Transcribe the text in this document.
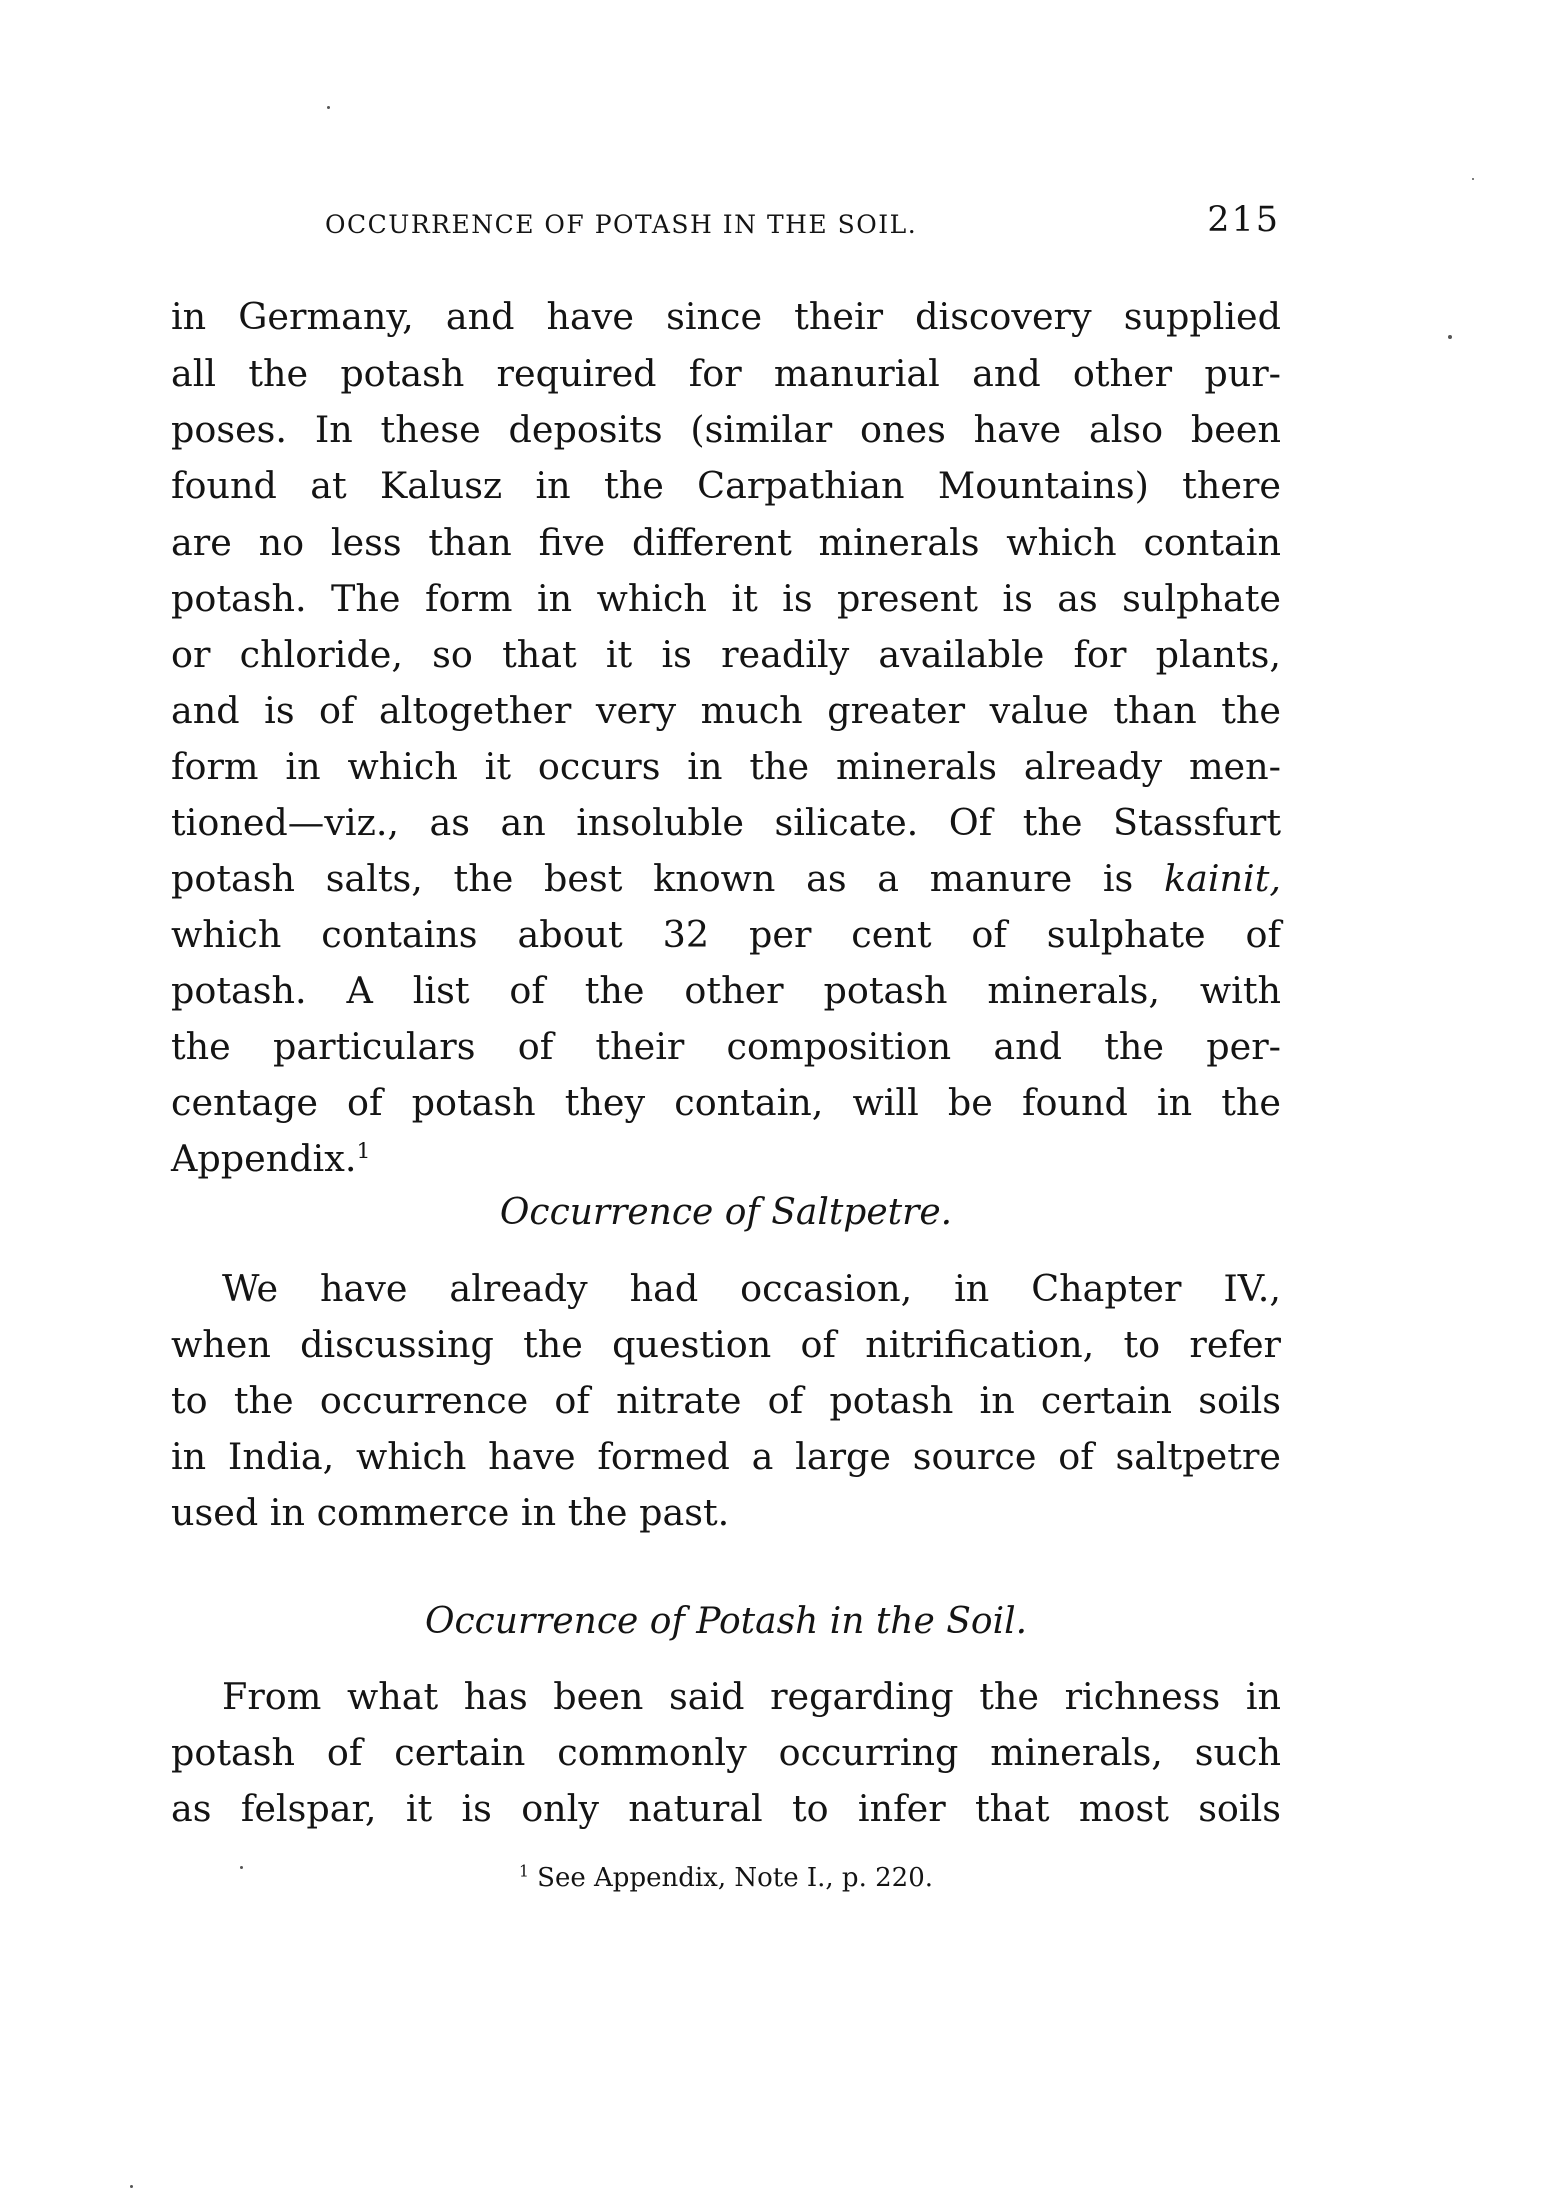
OCCURRENCE OF POTASH IN THE SOIL.	215
in Germany, and have since their discovery supplied
all the potash required for manurial and other pur-
poses. In these deposits (similar ones have also been
found at Kalusz in the Carpathian Mountains) there
are no less than five different minerals which contain
potash. The form in which it is present is as sulphate
or chloride, so that it is readily available for plants,
and is of altogether very much greater value than the
form in which it occurs in the minerals already men-
tioned—viz., as an insoluble silicate. Of the Stassfurt
potash salts, the best known as a manure is kainit,
which contains about 32 per cent of sulphate of
potash. A list of the other potash minerals, with
the particulars of their composition and the per-
centage of potash they contain, will be found in the
Appendix.$^1$
Occurrence of Saltpetre.
We have already had occasion, in Chapter IV.,
when discussing the question of nitrification, to refer
to the occurrence of nitrate of potash in certain soils
in India, which have formed a large source of saltpetre
used in commerce in the past.
Occurrence of Potash in the Soil.
From what has been said regarding the richness in
potash of certain commonly occurring minerals, such
as felspar, it is only natural to infer that most soils
$^1$ See Appendix, Note I., p. 220.
